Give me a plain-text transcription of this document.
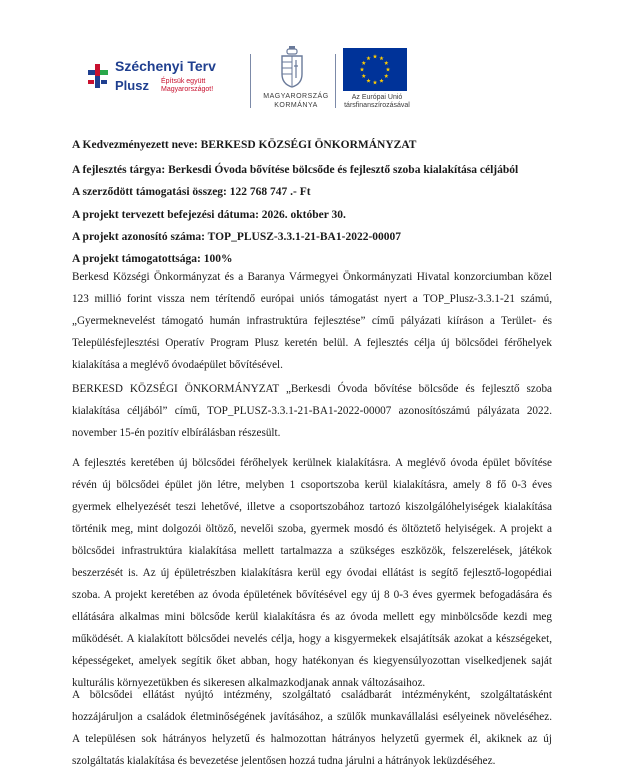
Széchenyi Terv
Plusz Építsük együtt Magyarországot!
MAGYARORSZÁG
KORMÁNYA
Az Európai Unió
társfinanszírozásával
A Kedvezményezett neve: BERKESD KÖZSÉGI ÖNKORMÁNYZAT
A fejlesztés tárgya: Berkesdi Óvoda bővítése bölcsőde és fejlesztő szoba kialakítása céljából
A szerződött támogatási összeg: 122 768 747 .- Ft
A projekt tervezett befejezési dátuma: 2026. október 30.
A projekt azonosító száma: TOP_PLUSZ-3.3.1-21-BA1-2022-00007
A projekt támogatottsága: 100%
Berkesd Községi Önkormányzat és a Baranya Vármegyei Önkormányzati Hivatal konzorciumban közel
123 millió forint vissza nem térítendő európai uniós támogatást nyert a TOP_Plusz-3.3.1-21 számú,
„Gyermeknevelést támogató humán infrastruktúra fejlesztése” című pályázati kiíráson a Terület- és
Településfejlesztési Operatív Program Plusz keretén belül. A fejlesztés célja új bölcsődei férőhelyek
kialakítása a meglévő óvodaépület bővítésével.
BERKESD KÖZSÉGI ÖNKORMÁNYZAT „Berkesdi Óvoda bővítése bölcsőde és fejlesztő szoba
kialakítása céljából” című, TOP_PLUSZ-3.3.1-21-BA1-2022-00007 azonosítószámú pályázata 2022.
november 15-én pozitív elbírálásban részesült.
A fejlesztés keretében új bölcsődei férőhelyek kerülnek kialakításra. A meglévő óvoda épület bővítése
révén új bölcsődei épület jön létre, melyben 1 csoportszoba kerül kialakításra, amely 8 fő 0-3 éves
gyermek elhelyezését teszi lehetővé, illetve a csoportszobához tartozó kiszolgálóhelyiségek kialakítása
történik meg, mint dolgozói öltöző, nevelői szoba, gyermek mosdó és öltöztető helyiségek. A projekt a
bölcsődei infrastruktúra kialakítása mellett tartalmazza a szükséges eszközök, felszerelések, játékok
beszerzését is. Az új épületrészben kialakításra kerül egy óvodai ellátást is segítő fejlesztő-logopédiai
szoba. A projekt keretében az óvoda épületének bővítésével egy új 8 0-3 éves gyermek befogadására és
ellátására alkalmas mini bölcsőde kerül kialakításra és az óvoda mellett egy minbölcsőde kezdi meg
működését. A kialakított bölcsődei nevelés célja, hogy a kisgyermekek elsajátítsák azokat a készségeket,
képességeket, amelyek segítik őket abban, hogy hatékonyan és kiegyensúlyozottan viselkedjenek saját
kulturális környezetükben és sikeresen alkalmazkodjanak annak változásaihoz.
A bölcsődei ellátást nyújtó intézmény, szolgáltató családbarát intézményként, szolgáltatásként
hozzájáruljon a családok életminőségének javításához, a szülők munkavállalási esélyeinek növeléséhez.
A településen sok hátrányos helyzetű és halmozottan hátrányos helyzetű gyermek él, akiknek az új
szolgáltatás kialakítása és bevezetése jelentősen hozzá tudna járulni a hátrányok leküzdéséhez.
